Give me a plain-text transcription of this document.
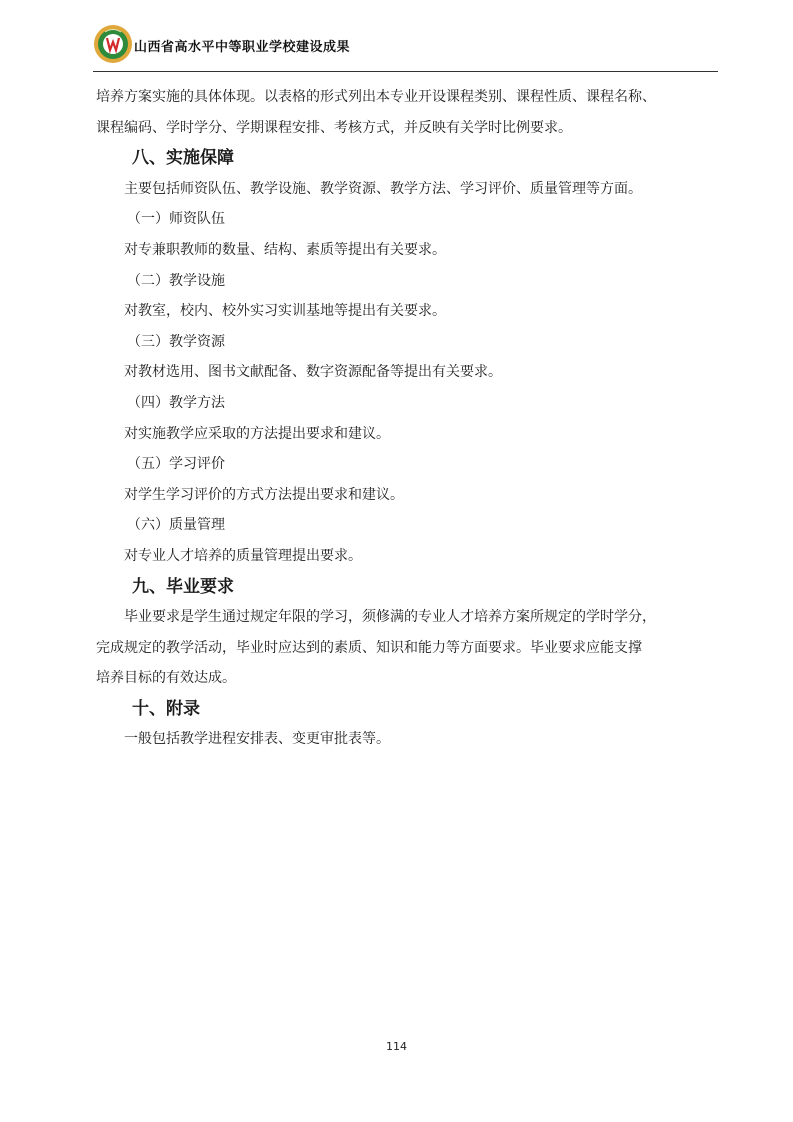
山西省高水平中等职业学校建设成果
培养方案实施的具体体现。以表格的形式列出本专业开设课程类别、课程性质、课程名称、
课程编码、学时学分、学期课程安排、考核方式，并反映有关学时比例要求。
八、实施保障
主要包括师资队伍、教学设施、教学资源、教学方法、学习评价、质量管理等方面。
（一）师资队伍
对专兼职教师的数量、结构、素质等提出有关要求。
（二）教学设施
对教室，校内、校外实习实训基地等提出有关要求。
（三）教学资源
对教材选用、图书文献配备、数字资源配备等提出有关要求。
（四）教学方法
对实施教学应采取的方法提出要求和建议。
（五）学习评价
对学生学习评价的方式方法提出要求和建议。
（六）质量管理
对专业人才培养的质量管理提出要求。
九、毕业要求
毕业要求是学生通过规定年限的学习，须修满的专业人才培养方案所规定的学时学分，
完成规定的教学活动，毕业时应达到的素质、知识和能力等方面要求。毕业要求应能支撑
培养目标的有效达成。
十、附录
一般包括教学进程安排表、变更审批表等。
114
